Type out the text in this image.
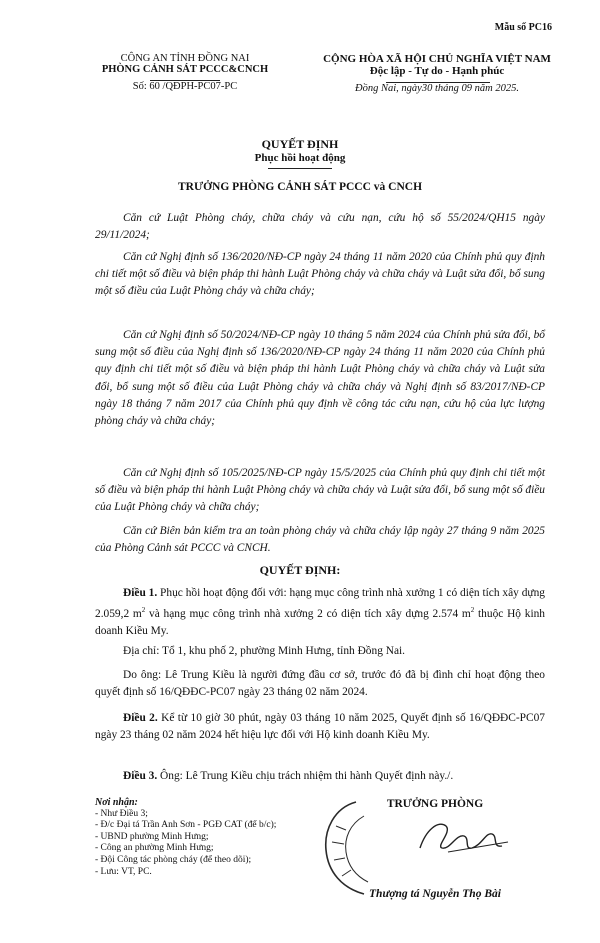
Mẫu số PC16
CÔNG AN TỈNH ĐỒNG NAI
PHÒNG CẢNH SÁT PCCC&CNCH
Số: 60 /QĐPH-PC07-PC
CỘNG HÒA XÃ HỘI CHỦ NGHĨA VIỆT NAM
Độc lập - Tự do - Hạnh phúc
Đồng Nai, ngày30 tháng 09 năm 2025.
QUYẾT ĐỊNH
Phục hồi hoạt động
TRƯỞNG PHÒNG CẢNH SÁT PCCC và CNCH

Căn cứ Luật Phòng cháy, chữa cháy và cứu nạn, cứu hộ số 55/2024/QH15 ngày 29/11/2024;

Căn cứ Nghị định số 136/2020/NĐ-CP ngày 24 tháng 11 năm 2020 của Chính phủ quy định chi tiết một số điều và biện pháp thi hành Luật Phòng cháy và chữa cháy và Luật sửa đổi, bổ sung một số điều của Luật Phòng cháy và chữa cháy;

Căn cứ Nghị định số 50/2024/NĐ-CP ngày 10 tháng 5 năm 2024 của Chính phủ sửa đổi, bổ sung một số điều của Nghị định số 136/2020/NĐ-CP ngày 24 tháng 11 năm 2020 của Chính phủ quy định chi tiết một số điều và biện pháp thi hành Luật Phòng cháy và chữa cháy và Luật sửa đổi, bổ sung một số điều của Luật Phòng cháy và chữa cháy và Nghị định số 83/2017/NĐ-CP ngày 18 tháng 7 năm 2017 của Chính phủ quy định về công tác cứu nạn, cứu hộ của lực lượng phòng cháy và chữa cháy;

Căn cứ Nghị định số 105/2025/NĐ-CP ngày 15/5/2025 của Chính phủ quy định chi tiết một số điều và biện pháp thi hành Luật Phòng cháy và chữa cháy và Luật sửa đổi, bổ sung một số điều của Luật Phòng cháy và chữa cháy;

Căn cứ Biên bản kiểm tra an toàn phòng cháy và chữa cháy lập ngày 27 tháng 9 năm 2025 của Phòng Cảnh sát PCCC và CNCH.

QUYẾT ĐỊNH:

Điều 1. Phục hồi hoạt động đối với: hạng mục công trình nhà xưởng 1 có diện tích xây dựng 2.059,2 $m^2$ và hạng mục công trình nhà xưởng 2 có diện tích xây dựng 2.574 $m^2$ thuộc Hộ kinh doanh Kiều My.

Địa chỉ: Tổ 1, khu phố 2, phường Minh Hưng, tỉnh Đồng Nai.

Do ông: Lê Trung Kiều là người đứng đầu cơ sở, trước đó đã bị đình chỉ hoạt động theo quyết định số 16/QĐĐC-PC07 ngày 23 tháng 02 năm 2024.

Điều 2. Kể từ 10 giờ 30 phút, ngày 03 tháng 10 năm 2025, Quyết định số 16/QĐĐC-PC07 ngày 23 tháng 02 năm 2024 hết hiệu lực đối với Hộ kinh doanh Kiều My.

Điều 3. Ông: Lê Trung Kiều chịu trách nhiệm thi hành Quyết định này./.

Nơi nhận:
- Như Điều 3;
- Đ/c Đại tá Trần Anh Sơn - PGĐ CAT (để b/c);
- UBND phường Minh Hưng;
- Công an phường Minh Hưng;
- Đội Công tác phòng cháy (để theo dõi);
- Lưu: VT, PC.
TRƯỞNG PHÒNG
Thượng tá Nguyễn Thọ Bài
